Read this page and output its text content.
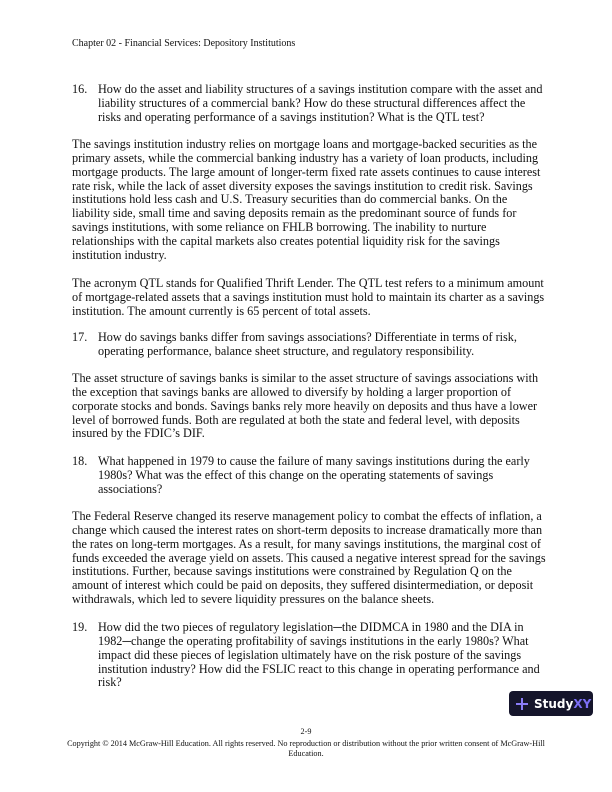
Chapter 02 - Financial Services: Depository Institutions
16. How do the asset and liability structures of a savings institution compare with the asset and
liability structures of a commercial bank? How do these structural differences affect the
risks and operating performance of a savings institution? What is the QTL test?
The savings institution industry relies on mortgage loans and mortgage-backed securities as the
primary assets, while the commercial banking industry has a variety of loan products, including
mortgage products. The large amount of longer-term fixed rate assets continues to cause interest
rate risk, while the lack of asset diversity exposes the savings institution to credit risk. Savings
institutions hold less cash and U.S. Treasury securities than do commercial banks. On the
liability side, small time and saving deposits remain as the predominant source of funds for
savings institutions, with some reliance on FHLB borrowing. The inability to nurture
relationships with the capital markets also creates potential liquidity risk for the savings
institution industry.
The acronym QTL stands for Qualified Thrift Lender. The QTL test refers to a minimum amount
of mortgage-related assets that a savings institution must hold to maintain its charter as a savings
institution. The amount currently is 65 percent of total assets.
17. How do savings banks differ from savings associations? Differentiate in terms of risk,
operating performance, balance sheet structure, and regulatory responsibility.
The asset structure of savings banks is similar to the asset structure of savings associations with
the exception that savings banks are allowed to diversify by holding a larger proportion of
corporate stocks and bonds. Savings banks rely more heavily on deposits and thus have a lower
level of borrowed funds. Both are regulated at both the state and federal level, with deposits
insured by the FDIC’s DIF.
18. What happened in 1979 to cause the failure of many savings institutions during the early
1980s? What was the effect of this change on the operating statements of savings
associations?
The Federal Reserve changed its reserve management policy to combat the effects of inflation, a
change which caused the interest rates on short-term deposits to increase dramatically more than
the rates on long-term mortgages. As a result, for many savings institutions, the marginal cost of
funds exceeded the average yield on assets. This caused a negative interest spread for the savings
institutions. Further, because savings institutions were constrained by Regulation Q on the
amount of interest which could be paid on deposits, they suffered disintermediation, or deposit
withdrawals, which led to severe liquidity pressures on the balance sheets.
19. How did the two pieces of regulatory legislation─the DIDMCA in 1980 and the DIA in
1982─change the operating profitability of savings institutions in the early 1980s? What
impact did these pieces of legislation ultimately have on the risk posture of the savings
institution industry? How did the FSLIC react to this change in operating performance and
risk?
2-9
Copyright © 2014 McGraw-Hill Education. All rights reserved. No reproduction or distribution without the prior written consent of McGraw-Hill
Education.
Study XY
